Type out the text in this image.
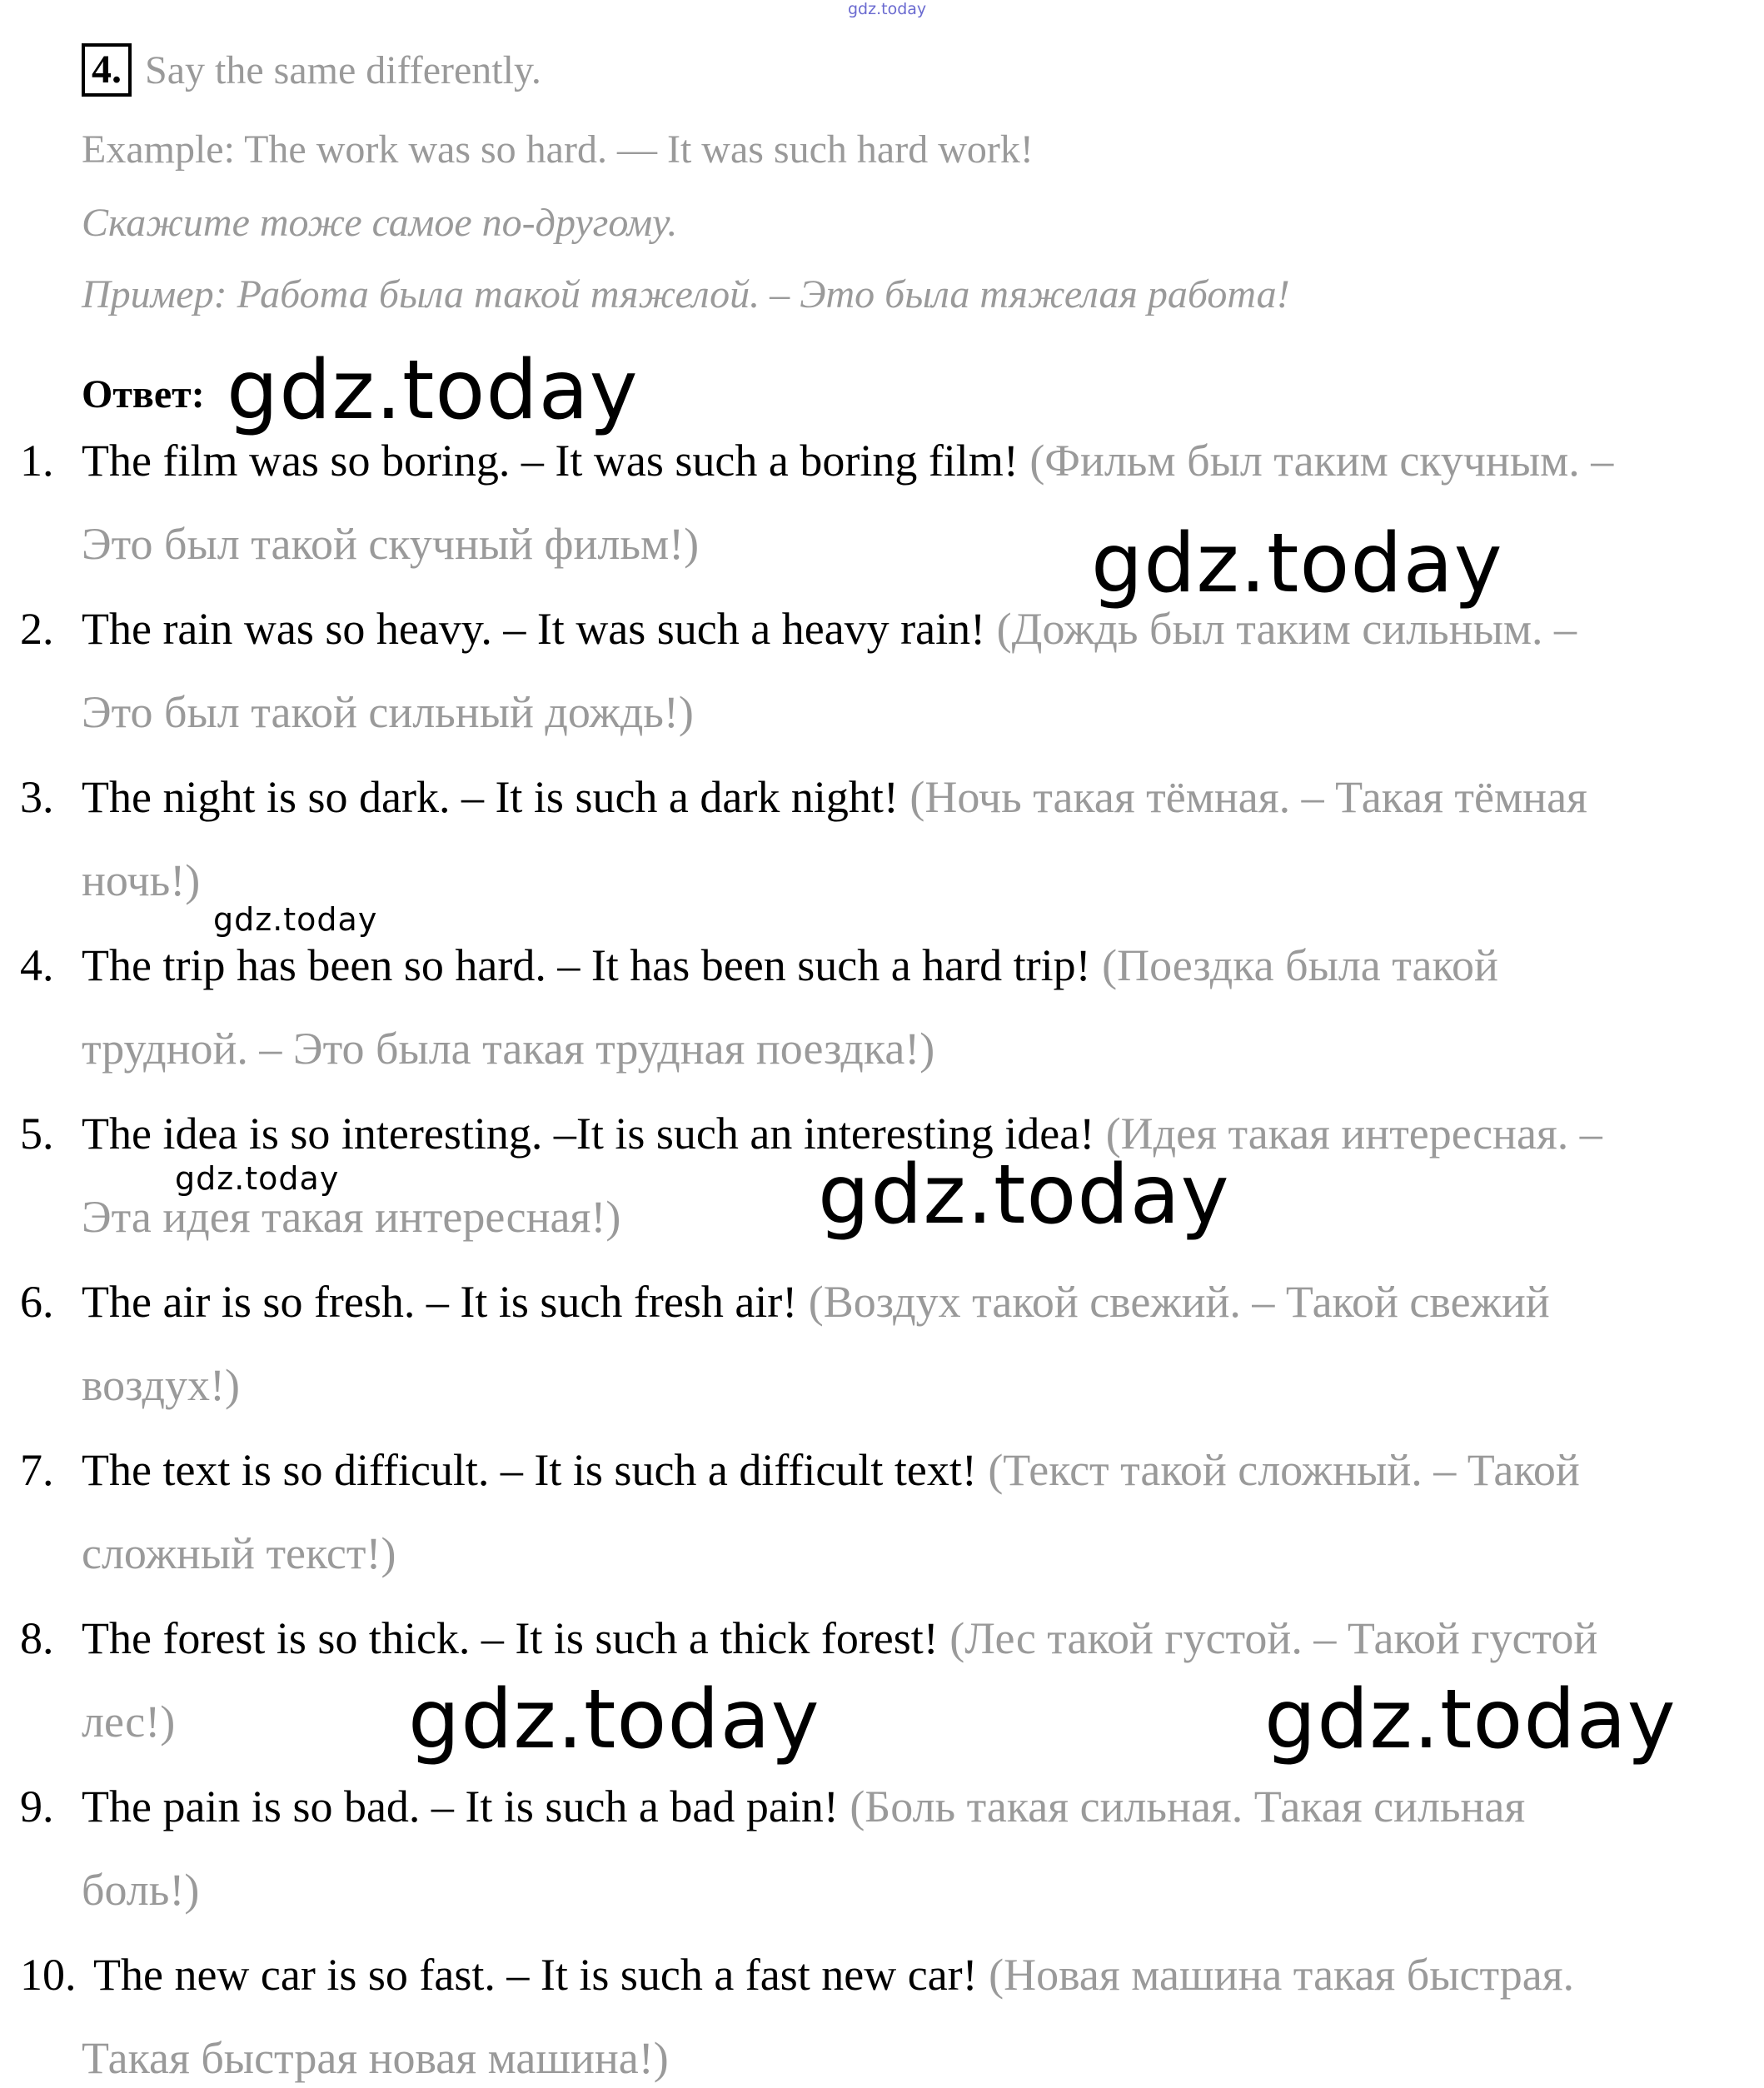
gdz.today
4. Say the same differently.
Example: The work was so hard. — It was such hard work!
Скажите тоже самое по-другому.
Пример: Работа была такой тяжелой. – Это была тяжелая работа!
Ответ:
1. The film was so boring. – It was such a boring film! (Фильм был таким скучным. –
Это был такой скучный фильм!)
2. The rain was so heavy. – It was such a heavy rain! (Дождь был таким сильным. –
Это был такой сильный дождь!)
3. The night is so dark. – It is such a dark night! (Ночь такая тёмная. – Такая тёмная
ночь!)
4. The trip has been so hard. – It has been such a hard trip! (Поездка была такой
трудной. – Это была такая трудная поездка!)
5. The idea is so interesting. –It is such an interesting idea! (Идея такая интересная. –
Эта идея такая интересная!)
6. The air is so fresh. – It is such fresh air! (Воздух такой свежий. – Такой свежий
воздух!)
7. The text is so difficult. – It is such a difficult text! (Текст такой сложный. – Такой
сложный текст!)
8. The forest is so thick. – It is such a thick forest! (Лес такой густой. – Такой густой
лес!)
9. The pain is so bad. – It is such a bad pain! (Боль такая сильная. Такая сильная
боль!)
10. The new car is so fast. – It is such a fast new car! (Новая машина такая быстрая.
Такая быстрая новая машина!)
gdz.today
gdz.today
gdz.today
gdz.today	gdz.today
gdz.today	gdz.today
